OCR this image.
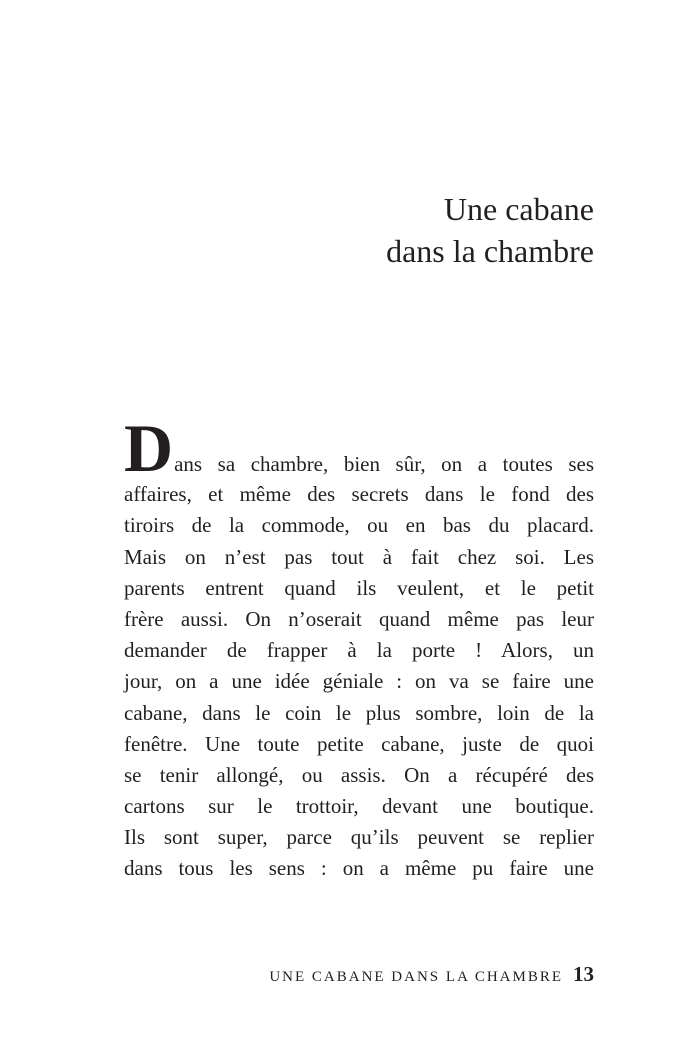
Une cabane
dans la chambre
Dans sa chambre, bien sûr, on a toutes ses
affaires, et même des secrets dans le fond des
tiroirs de la commode, ou en bas du placard.
Mais on n’est pas tout à fait chez soi. Les
parents entrent quand ils veulent, et le petit
frère aussi. On n’oserait quand même pas leur
demander de frapper à la porte ! Alors, un
jour, on a une idée géniale : on va se faire une
cabane, dans le coin le plus sombre, loin de la
fenêtre. Une toute petite cabane, juste de quoi
se tenir allongé, ou assis. On a récupéré des
cartons sur le trottoir, devant une boutique.
Ils sont super, parce qu’ils peuvent se replier
dans tous les sens : on a même pu faire une
UNE CABANE DANS LA CHAMBRE 13
